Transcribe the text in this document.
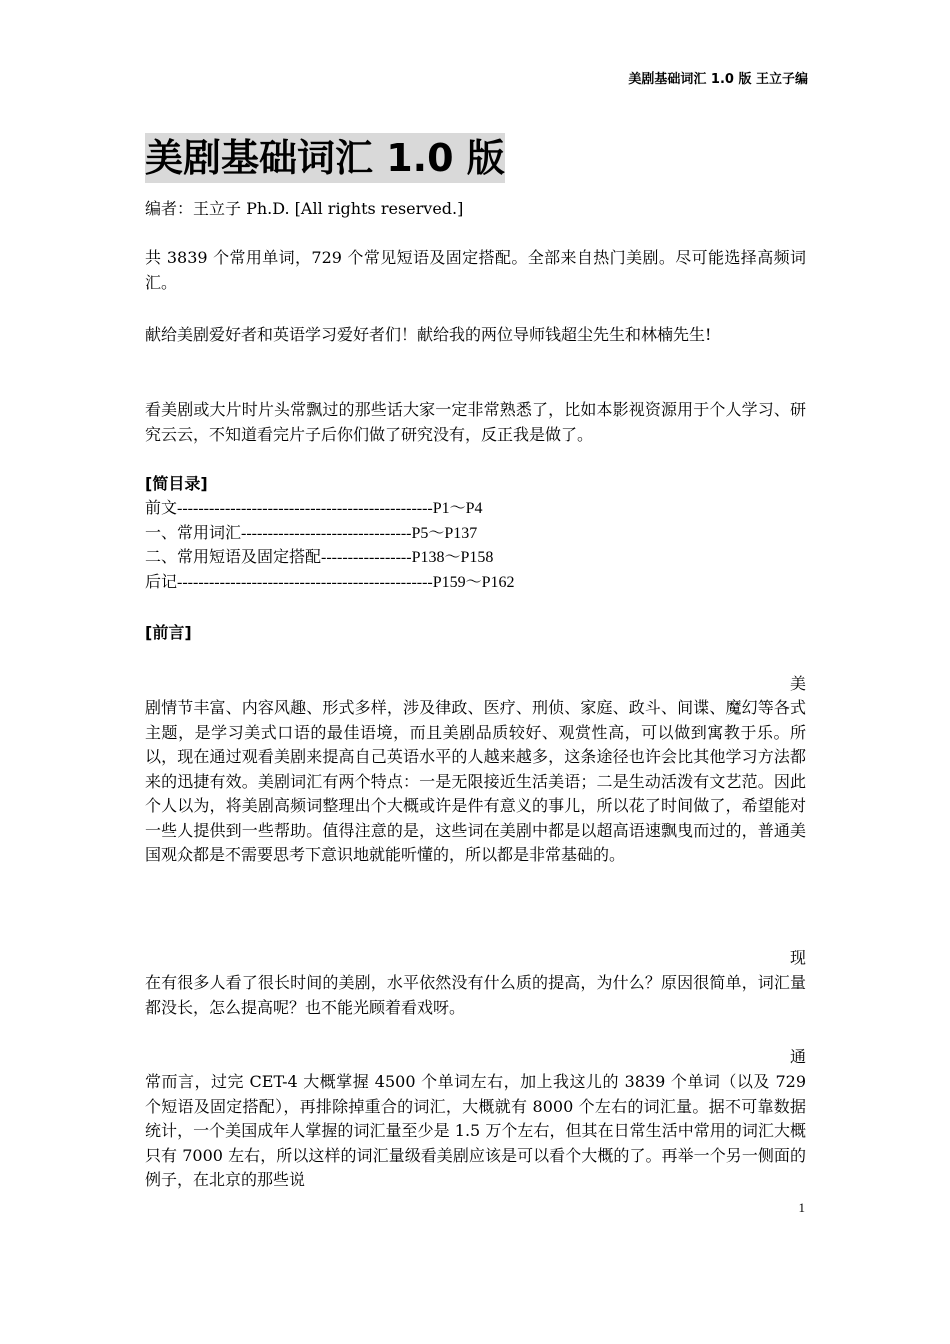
美剧基础词汇 1.0 版 王立子编
美剧基础词汇 1.0 版
编者：王立子 Ph.D. [All rights reserved.]
共 3839 个常用单词，729 个常见短语及固定搭配。全部来自热门美剧。尽可能选择高频词汇。
献给美剧爱好者和英语学习爱好者们！献给我的两位导师钱超尘先生和林楠先生!
看美剧或大片时片头常飘过的那些话大家一定非常熟悉了，比如本影视资源用于个人学习、研究云云，不知道看完片子后你们做了研究没有，反正我是做了。
[简目录]
前文------------------------------------------------P1～P4
一、常用词汇--------------------------------P5～P137
二、常用短语及固定搭配-----------------P138～P158
后记------------------------------------------------P159～P162
[前言]
美
剧情节丰富、内容风趣、形式多样，涉及律政、医疗、刑侦、家庭、政斗、间谍、魔幻等各式主题，是学习美式口语的最佳语境，而且美剧品质较好、观赏性高，可以做到寓教于乐。所以，现在通过观看美剧来提高自己英语水平的人越来越多，这条途径也许会比其他学习方法都来的迅捷有效。美剧词汇有两个特点：一是无限接近生活美语；二是生动活泼有文艺范。因此个人以为，将美剧高频词整理出个大概或许是件有意义的事儿，所以花了时间做了，希望能对一些人提供到一些帮助。值得注意的是，这些词在美剧中都是以超高语速飘曳而过的，普通美国观众都是不需要思考下意识地就能听懂的，所以都是非常基础的。
现
在有很多人看了很长时间的美剧，水平依然没有什么质的提高，为什么？原因很简单，词汇量都没长，怎么提高呢？也不能光顾着看戏呀。
通
常而言，过完 CET-4 大概掌握 4500 个单词左右，加上我这儿的 3839 个单词（以及 729 个短语及固定搭配），再排除掉重合的词汇，大概就有 8000 个左右的词汇量。据不可靠数据统计，一个美国成年人掌握的词汇量至少是 1.5 万个左右，但其在日常生活中常用的词汇大概只有 7000 左右，所以这样的词汇量级看美剧应该是可以看个大概的了。再举一个另一侧面的例子，在北京的那些说
1
